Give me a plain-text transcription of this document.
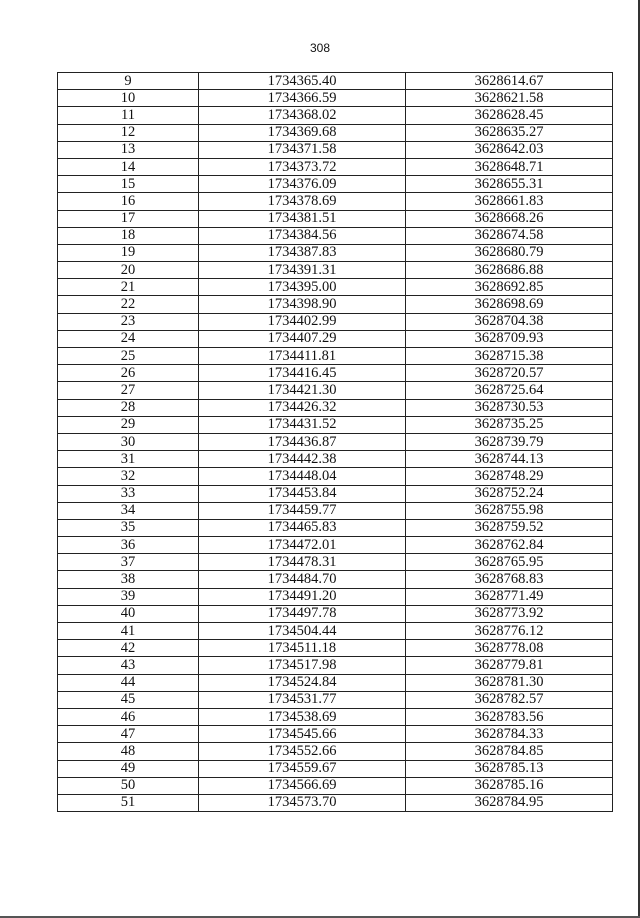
308
9	1734365.40	3628614.67
10	1734366.59	3628621.58
11	1734368.02	3628628.45
12	1734369.68	3628635.27
13	1734371.58	3628642.03
14	1734373.72	3628648.71
15	1734376.09	3628655.31
16	1734378.69	3628661.83
17	1734381.51	3628668.26
18	1734384.56	3628674.58
19	1734387.83	3628680.79
20	1734391.31	3628686.88
21	1734395.00	3628692.85
22	1734398.90	3628698.69
23	1734402.99	3628704.38
24	1734407.29	3628709.93
25	1734411.81	3628715.38
26	1734416.45	3628720.57
27	1734421.30	3628725.64
28	1734426.32	3628730.53
29	1734431.52	3628735.25
30	1734436.87	3628739.79
31	1734442.38	3628744.13
32	1734448.04	3628748.29
33	1734453.84	3628752.24
34	1734459.77	3628755.98
35	1734465.83	3628759.52
36	1734472.01	3628762.84
37	1734478.31	3628765.95
38	1734484.70	3628768.83
39	1734491.20	3628771.49
40	1734497.78	3628773.92
41	1734504.44	3628776.12
42	1734511.18	3628778.08
43	1734517.98	3628779.81
44	1734524.84	3628781.30
45	1734531.77	3628782.57
46	1734538.69	3628783.56
47	1734545.66	3628784.33
48	1734552.66	3628784.85
49	1734559.67	3628785.13
50	1734566.69	3628785.16
51	1734573.70	3628784.95
